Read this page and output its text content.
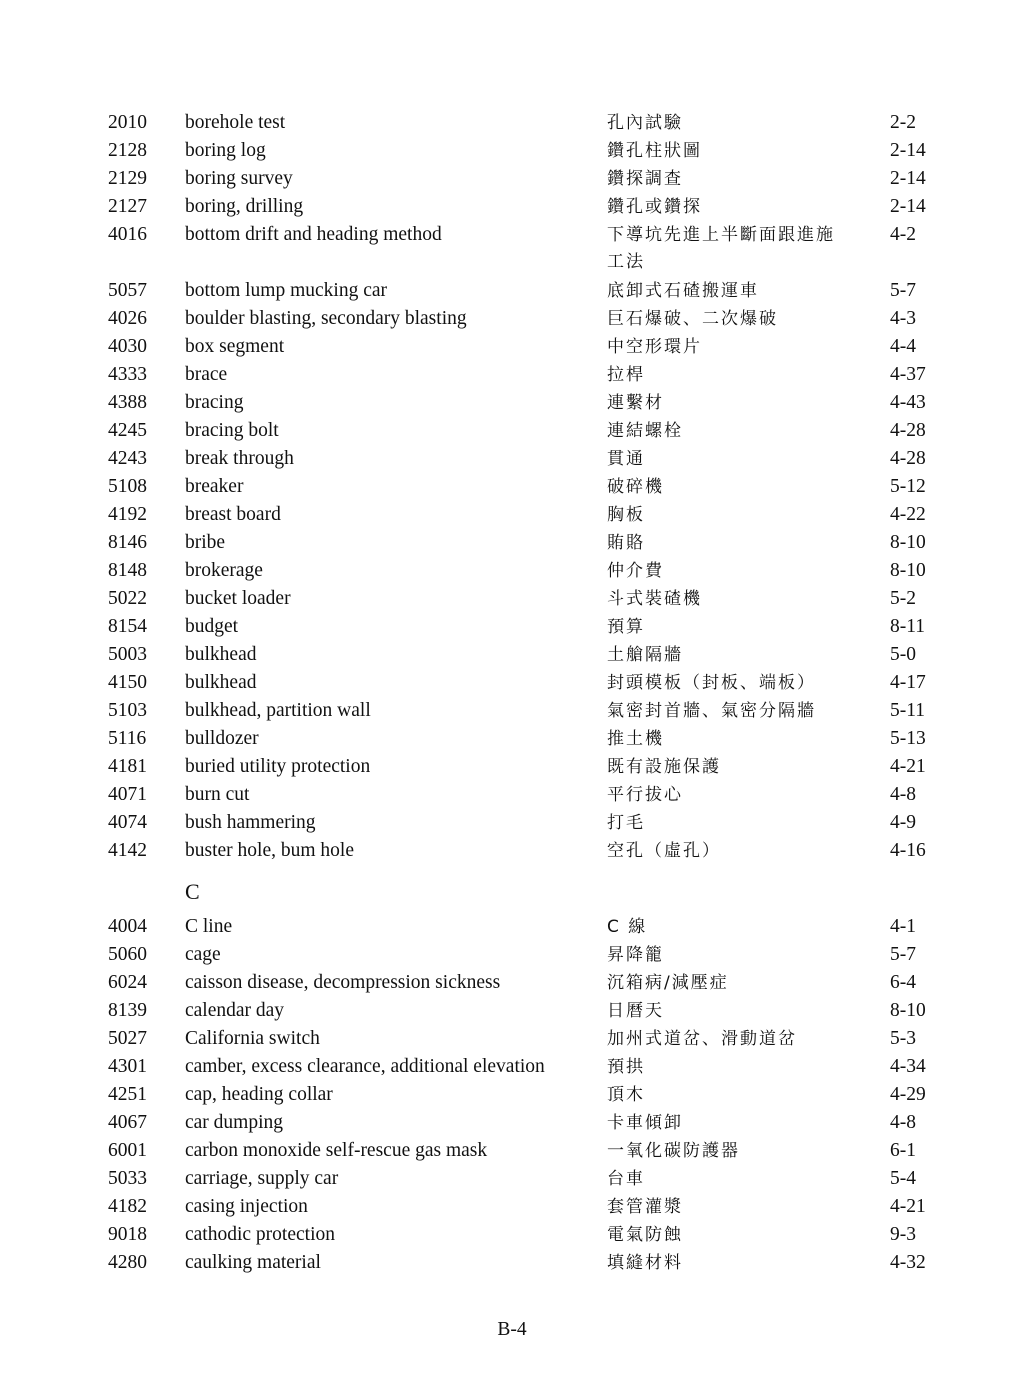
2010 borehole test	孔內試驗	2-2
2128 boring log	鑽孔柱狀圖	2-14
2129 boring survey	鑽探調查	2-14
2127 boring, drilling	鑽孔或鑽探	2-14
4016 bottom drift and heading method	下導坑先進上半斷面跟進施	4-2
工法
5057 bottom lump mucking car	底卸式石碴搬運車	5-7
4026 boulder blasting, secondary blasting	巨石爆破、二次爆破	4-3
4030 box segment	中空形環片	4-4
4333 brace	拉桿	4-37
4388 bracing	連繫材	4-43
4245 bracing bolt	連結螺栓	4-28
4243 break through	貫通	4-28
5108 breaker	破碎機	5-12
4192 breast board	胸板	4-22
8146 bribe	賄賂	8-10
8148 brokerage	仲介費	8-10
5022 bucket loader	斗式裝碴機	5-2
8154 budget	預算	8-11
5003 bulkhead	土艙隔牆	5-0
4150 bulkhead	封頭模板（封板、端板）	4-17
5103 bulkhead, partition wall	氣密封首牆、氣密分隔牆	5-11
5116 bulldozer	推土機	5-13
4181 buried utility protection	既有設施保護	4-21
4071 burn cut	平行拔心	4-8
4074 bush hammering	打毛	4-9
4142 buster hole, bum hole	空孔（虛孔）	4-16
C
4004 C line	C 線	4-1
5060 cage	昇降籠	5-7
6024 caisson disease, decompression sickness	沉箱病/減壓症	6-4
8139 calendar day	日曆天	8-10
5027 California switch	加州式道岔、滑動道岔	5-3
4301 camber, excess clearance, additional elevation	預拱	4-34
4251 cap, heading collar	頂木	4-29
4067 car dumping	卡車傾卸	4-8
6001 carbon monoxide self-rescue gas mask	一氧化碳防護器	6-1
5033 carriage, supply car	台車	5-4
4182 casing injection	套管灌漿	4-21
9018 cathodic protection	電氣防蝕	9-3
4280 caulking material	填縫材料	4-32
B-4
